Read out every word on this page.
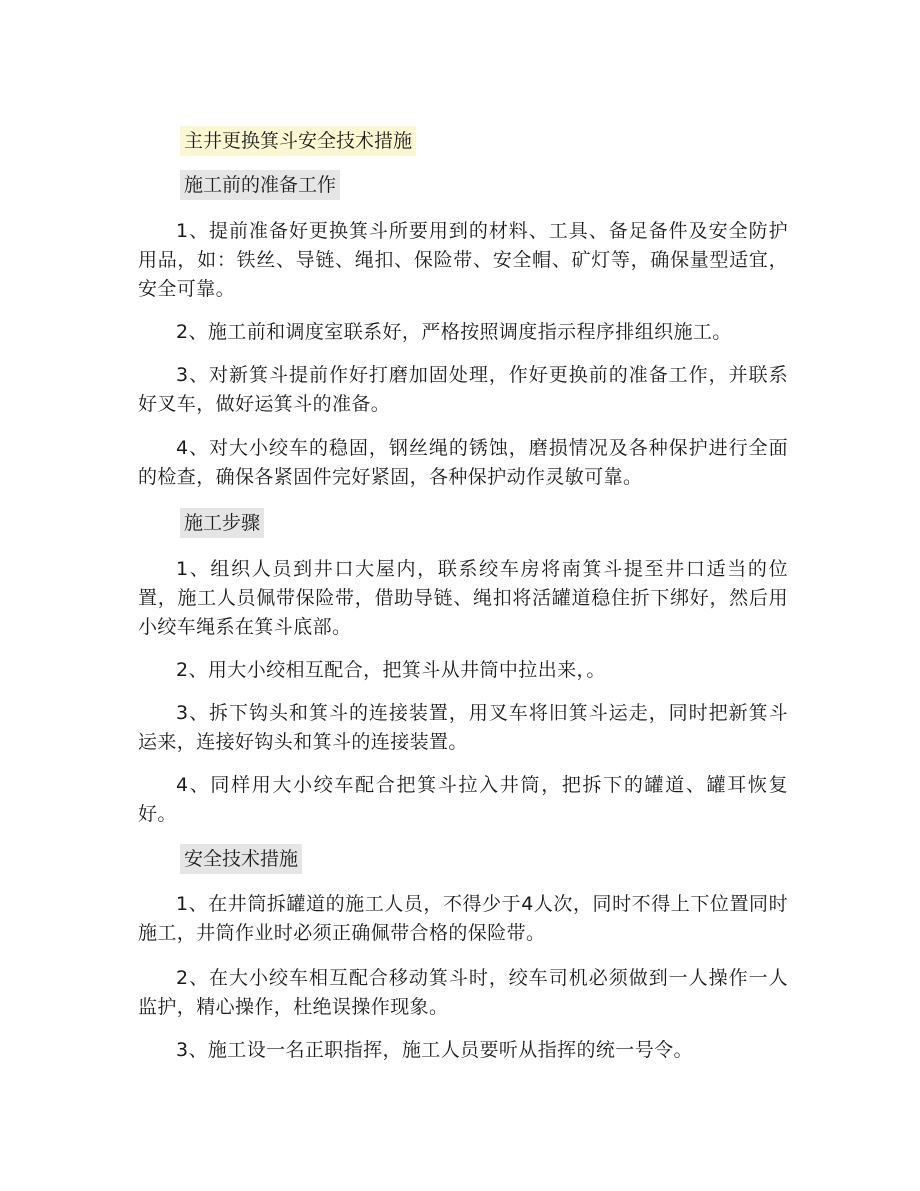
主井更换箕斗安全技术措施
施工前的准备工作

1、提前准备好更换箕斗所要用到的材料、工具、备足备件及安全防护用品，如：铁丝、导链、绳扣、保险带、安全帽、矿灯等，确保量型适宜，安全可靠。

2、施工前和调度室联系好，严格按照调度指示程序排组织施工。

3、对新箕斗提前作好打磨加固处理，作好更换前的准备工作，并联系好叉车，做好运箕斗的准备。

4、对大小绞车的稳固，钢丝绳的锈蚀，磨损情况及各种保护进行全面的检查，确保各紧固件完好紧固，各种保护动作灵敏可靠。

施工步骤

1、组织人员到井口大屋内，联系绞车房将南箕斗提至井口适当的位置，施工人员佩带保险带，借助导链、绳扣将活罐道稳住折下绑好，然后用小绞车绳系在箕斗底部。

2、用大小绞相互配合，把箕斗从井筒中拉出来，。

3、拆下钩头和箕斗的连接装置，用叉车将旧箕斗运走，同时把新箕斗运来，连接好钩头和箕斗的连接装置。

4、同样用大小绞车配合把箕斗拉入井筒，把拆下的罐道、罐耳恢复好。

安全技术措施

1、在井筒拆罐道的施工人员，不得少于4人次，同时不得上下位置同时施工，井筒作业时必须正确佩带合格的保险带。

2、在大小绞车相互配合移动箕斗时，绞车司机必须做到一人操作一人监护，精心操作，杜绝误操作现象。

3、施工设一名正职指挥，施工人员要听从指挥的统一号令。
